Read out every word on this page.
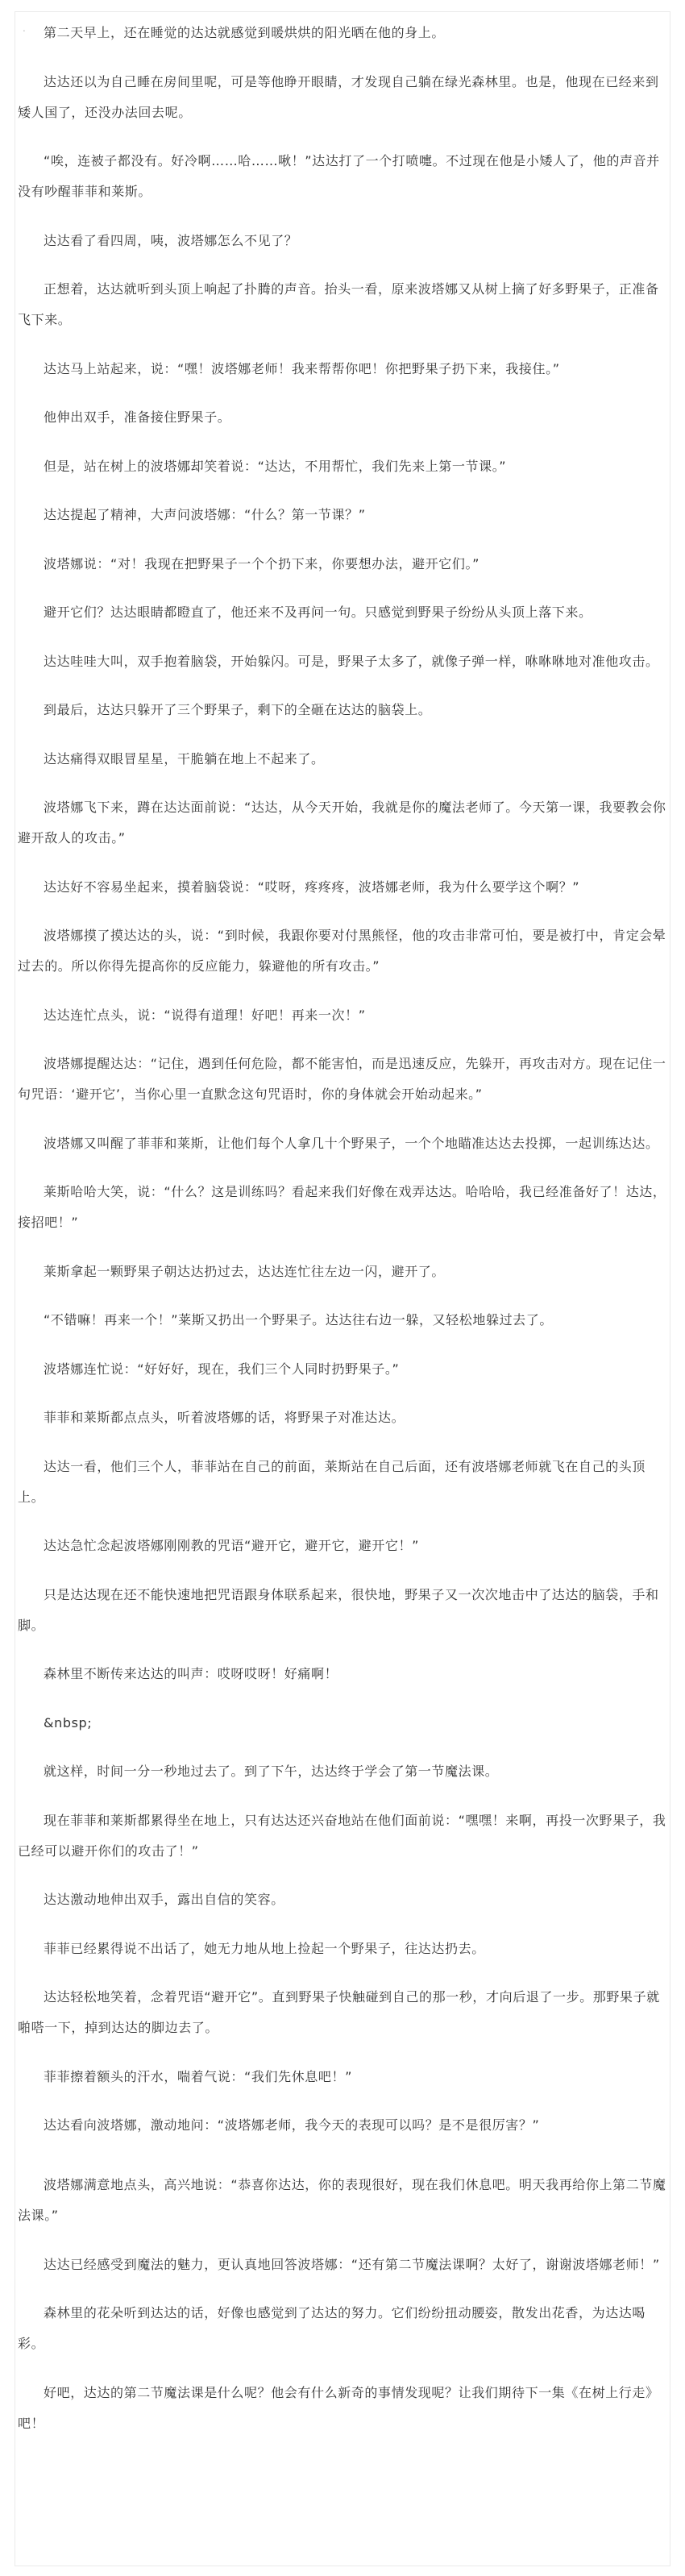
.	第二天早上，还在睡觉的达达就感觉到暖烘烘的阳光晒在他的身上。

达达还以为自己睡在房间里呢，可是等他睁开眼睛，才发现自己躺在绿光森林里。也是，他现在已经来到矮人国了，还没办法回去呢。

“唉，连被子都没有。好冷啊……哈……啾！”达达打了一个打喷嚏。不过现在他是小矮人了，他的声音并没有吵醒菲菲和莱斯。

达达看了看四周，咦，波塔娜怎么不见了？

正想着，达达就听到头顶上响起了扑腾的声音。抬头一看，原来波塔娜又从树上摘了好多野果子，正准备飞下来。

达达马上站起来，说：“嘿！波塔娜老师！我来帮帮你吧！你把野果子扔下来，我接住。”

他伸出双手，准备接住野果子。

但是，站在树上的波塔娜却笑着说：“达达，不用帮忙，我们先来上第一节课。”

达达提起了精神，大声问波塔娜：“什么？第一节课？”

波塔娜说：“对！我现在把野果子一个个扔下来，你要想办法，避开它们。”

避开它们？达达眼睛都瞪直了，他还来不及再问一句。只感觉到野果子纷纷从头顶上落下来。

达达哇哇大叫，双手抱着脑袋，开始躲闪。可是，野果子太多了，就像子弹一样，咻咻咻地对准他攻击。

到最后，达达只躲开了三个野果子，剩下的全砸在达达的脑袋上。

达达痛得双眼冒星星，干脆躺在地上不起来了。

波塔娜飞下来，蹲在达达面前说：“达达，从今天开始，我就是你的魔法老师了。今天第一课，我要教会你避开敌人的攻击。”

达达好不容易坐起来，摸着脑袋说：“哎呀，疼疼疼，波塔娜老师，我为什么要学这个啊？”

波塔娜摸了摸达达的头，说：“到时候，我跟你要对付黑熊怪，他的攻击非常可怕，要是被打中，肯定会晕过去的。所以你得先提高你的反应能力，躲避他的所有攻击。”

达达连忙点头，说：“说得有道理！好吧！再来一次！”

波塔娜提醒达达：“记住，遇到任何危险，都不能害怕，而是迅速反应，先躲开，再攻击对方。现在记住一句咒语：‘避开它’，当你心里一直默念这句咒语时，你的身体就会开始动起来。”

波塔娜又叫醒了菲菲和莱斯，让他们每个人拿几十个野果子，一个个地瞄准达达去投掷，一起训练达达。

莱斯哈哈大笑，说：“什么？这是训练吗？看起来我们好像在戏弄达达。哈哈哈，我已经准备好了！达达，接招吧！”

莱斯拿起一颗野果子朝达达扔过去，达达连忙往左边一闪，避开了。

“不错嘛！再来一个！”莱斯又扔出一个野果子。达达往右边一躲，又轻松地躲过去了。

波塔娜连忙说：“好好好，现在，我们三个人同时扔野果子。”

菲菲和莱斯都点点头，听着波塔娜的话，将野果子对准达达。

达达一看，他们三个人，菲菲站在自己的前面，莱斯站在自己后面，还有波塔娜老师就飞在自己的头顶上。

达达急忙念起波塔娜刚刚教的咒语“避开它，避开它，避开它！”

只是达达现在还不能快速地把咒语跟身体联系起来，很快地，野果子又一次次地击中了达达的脑袋，手和脚。

森林里不断传来达达的叫声：哎呀哎呀！好痛啊！

&nbsp;

就这样，时间一分一秒地过去了。到了下午，达达终于学会了第一节魔法课。

现在菲菲和莱斯都累得坐在地上，只有达达还兴奋地站在他们面前说：“嘿嘿！来啊，再投一次野果子，我已经可以避开你们的攻击了！”

达达激动地伸出双手，露出自信的笑容。

菲菲已经累得说不出话了，她无力地从地上捡起一个野果子，往达达扔去。

达达轻松地笑着，念着咒语“避开它”。直到野果子快触碰到自己的那一秒，才向后退了一步。那野果子就啪嗒一下，掉到达达的脚边去了。

菲菲擦着额头的汗水，喘着气说：“我们先休息吧！”

达达看向波塔娜，激动地问：“波塔娜老师，我今天的表现可以吗？是不是很厉害？”

波塔娜满意地点头，高兴地说：“恭喜你达达，你的表现很好，现在我们休息吧。明天我再给你上第二节魔法课。”

达达已经感受到魔法的魅力，更认真地回答波塔娜：“还有第二节魔法课啊？太好了，谢谢波塔娜老师！”

森林里的花朵听到达达的话，好像也感觉到了达达的努力。它们纷纷扭动腰姿，散发出花香，为达达喝彩。

好吧，达达的第二节魔法课是什么呢？他会有什么新奇的事情发现呢？让我们期待下一集《在树上行走》吧！
